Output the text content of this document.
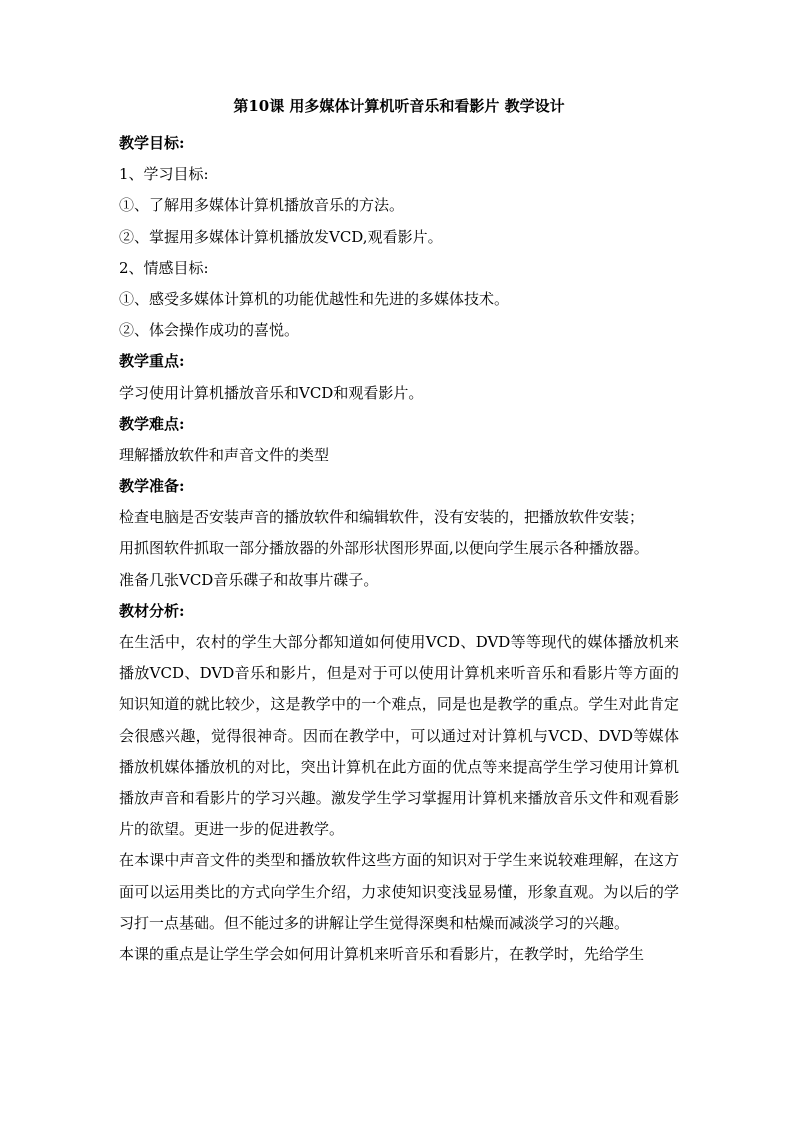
第10课 用多媒体计算机听音乐和看影片 教学设计
教学目标:
1、学习目标:
①、了解用多媒体计算机播放音乐的方法。
②、掌握用多媒体计算机播放发VCD,观看影片。
2、情感目标:
①、感受多媒体计算机的功能优越性和先进的多媒体技术。
②、体会操作成功的喜悦。
教学重点:
学习使用计算机播放音乐和VCD和观看影片。
教学难点:
理解播放软件和声音文件的类型
教学准备:
检查电脑是否安装声音的播放软件和编辑软件，没有安装的，把播放软件安装；
用抓图软件抓取一部分播放器的外部形状图形界面,以便向学生展示各种播放器。
准备几张VCD音乐碟子和故事片碟子。
教材分析:

在生活中，农村的学生大部分都知道如何使用VCD、DVD等等现代的媒体播放机来播放VCD、DVD音乐和影片，但是对于可以使用计算机来听音乐和看影片等方面的知识知道的就比较少，这是教学中的一个难点，同是也是教学的重点。学生对此肯定会很感兴趣，觉得很神奇。因而在教学中，可以通过对计算机与VCD、DVD等媒体播放机媒体播放机的对比，突出计算机在此方面的优点等来提高学生学习使用计算机播放声音和看影片的学习兴趣。激发学生学习掌握用计算机来播放音乐文件和观看影片的欲望。更进一步的促进教学。

在本课中声音文件的类型和播放软件这些方面的知识对于学生来说较难理解，在这方面可以运用类比的方式向学生介绍，力求使知识变浅显易懂，形象直观。为以后的学习打一点基础。但不能过多的讲解让学生觉得深奥和枯燥而减淡学习的兴趣。

本课的重点是让学生学会如何用计算机来听音乐和看影片，在教学时，先给学生
